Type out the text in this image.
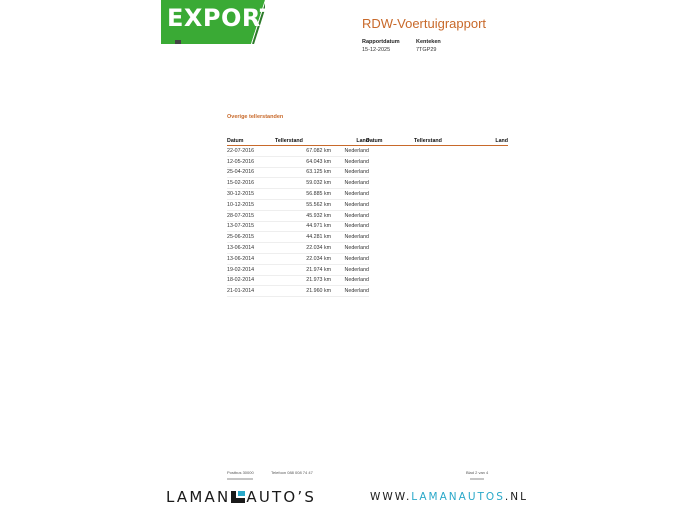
EXPORT	RDW-Voertuigrapport
Rapportdatum	Kenteken
15-12-2025	7TGP29
Overige tellerstanden
Datum	Tellerstand	Land
22-07-2016	67.082 km	Nederland
12-05-2016	64.043 km	Nederland
25-04-2016	63.125 km	Nederland
15-02-2016	59.032 km	Nederland
30-12-2015	56.885 km	Nederland
10-12-2015	55.562 km	Nederland
28-07-2015	45.932 km	Nederland
13-07-2015	44.971 km	Nederland
25-06-2015	44.281 km	Nederland
13-06-2014	22.034 km	Nederland
13-06-2014	22.034 km	Nederland
19-02-2014	21.974 km	Nederland
18-02-2014	21.973 km	Nederland
21-01-2014	21.960 km	Nederland
Datum	Tellerstand	Land
Postbus 30000	Telefoon 088 008 74 47	Blad 2 van 4
LAMAN AUTO’S	WWW.LAMANAUTOS.NL
